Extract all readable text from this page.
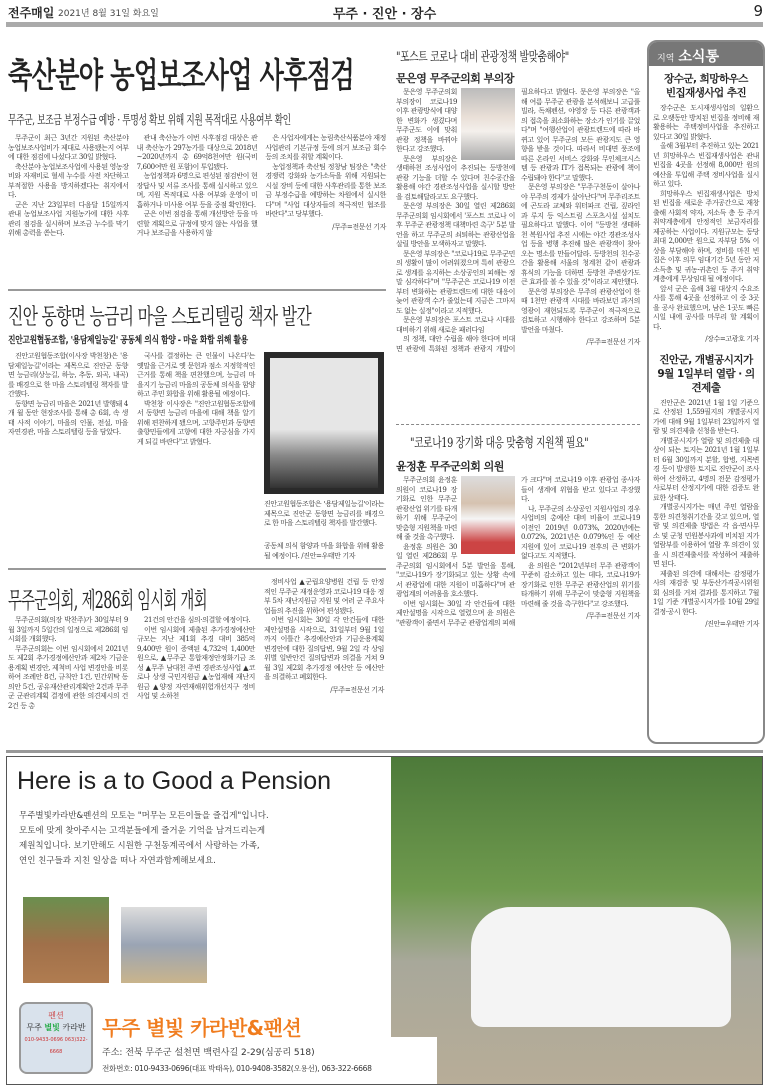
전주매일 2021년 8월 31일 화요일	무주 · 진안 · 장수	9
축산분야 농업보조사업 사후점검
무주군, 보조금 부정수급 예방 · 투명성 확보 위해 지원 목적대로 사용여부 확인

무주군이 최근 3년간 지원된 축산분야 농업보조사업비가 제대로 사용됐는지 여부에 대한 점검에 나섰다고 30일 밝혔다.

축산분야 농업보조사업에 사용된 영농장비와 자재비로 혈세 누수를 사전 차단하고 부적절한 사용을 방지하겠다는 취지에서다.

군은 지난 23일부터 다음달 15일까지 관내 농업보조사업 지원농가에 대한 사후관리 점검을 실시하며 보조금 누수를 막기 위해 총력을 쏟는다.

관내 축산농가 이번 사후점검 대상은 관내 축산농가 297농가를 대상으로 2018년~2020년까지 총 69억8천여만 원(국비 7,600여만 원 포함)이 투입됐다.

농업정책과 6명으로 편성된 점검반이 현장답사 및 서류 조사를 통해 실시하고 있으며, 지원 목적대로 사용 여부와 운영이 미흡하거나 미사용 여부 등을 중점 확인한다.

군은 이번 점검을 통해 개선방안 등을 마련할 계획으로 규정에 맞지 않는 사업을 했거나 보조금을 사용하지 않

은 사업자에게는 농림축산식품분야 재정사업관리 기본규정 등에 의거 보조금 회수 등의 조치를 취할 계획이다.

농업정책과 축산팀 정창남 팀장은 "축산 경쟁력 강화와 농가소득을 위해 지원되는 시설 장비 등에 대한 사후관리를 통한 보조금 부정수급을 예방하는 차원에서 실시한다"며 "사업 대상자들의 적극적인 협조를 바란다"고 당부했다.

/무주=전문선 기자
진안 동향면 능금리 마을 스토리텔링 책자 발간
진안고원협동조합, '용담제일능길' 공동체 의식 함양 - 마을 화합 위해 활용

진안고원협동조합(이사장 박천창)은 '용담제일능길'이라는 제목으로 진안군 동향면 능금리(상능길, 하능, 추동, 외곡, 내곡)를 배경으로 한 마을 스토리텔링 책자를 발간했다.

동향면 능금리 마을은 2021년 발행돼 4개 월 동안 현장조사를 통해 총 6회, 속 생태 사적 이야기, 마을의 인물, 전설, 마을 자연경관, 마을 스토리텔링 등을 담았다.

국사를 결정하는 큰 인물이 나온다'는 옛말을 근거로 옛 문헌과 점소 지정학적인 근거를 통해 책을 편찬했으며, 능금리 마을지기 능금리 마을의 공동체 의식을 함양하고 주민 화합을 위해 활용될 예정이다.

박천창 이사장은 "진안고원협동조합에서 동향면 능금리 마을에 대해 책을 알기 위해 편찬하게 됐으며, 고향주민과 동향면 출향민들에게 고향에 대한 자긍심을 가지게 되길 바란다"고 밝혔다.

진안고원협동조합은 '용담제일능길'이라는 제목으로 진안군 동향면 능금리를 배경으로 한 마을 스토리텔링 책자를 발간했다.
공동체 의식 함양과 마을 화합을 위해 활용될 예정이다. /진안=우태만 기자
무주군의회, 제286회 임시회 개회

무주군의회(의장 박찬주)가 30일부터 9월 3일까지 5일간의 일정으로 제286회 임시회를 개회했다.

무주군의회는 이번 임시회에서 2021년도 제2회 추가경정예산안과 제2차 기금운용계획 변경안, 제척비 사업 변경안을 비롯하여 조례안 8건, 규칙안 1건, 민간위탁 동의안 5건, 공유재산관리계획안 2건과 무주군 군관리계획 결정에 관한 의견제시의 건 2건 등 총

21건의 안건을 심의·의결할 예정이다.

이번 임시회에 제출된 추가경정예산안 규모는 지난 제1회 추경 대비 385억 9,400만 원이 증액된 4,732억 1,400만 원으로, ▲무주군 통합재정안정화기금 조성 ▲무주 남대천 주변 경관조성사업 ▲코로나 상생 국민지원금 ▲농업재해 재난지원금 ▲양정 자연재해위험개선지구 정비사업 및 소하천

정비사업 ▲군립요양병원 건립 등 안정적인 무주군 재정운영과 코로나19 대응 정부 5차 재난지원금 지원 및 여러 군 주요사업들의 추진을 위하여 편성됐다.

이번 임시회는 30일 각 안건들에 대한 제안설명을 시작으로, 31일부터 9월 1일까지 이틀간 추경예산안과 기금운용계획 변경안에 대한 질의답변, 9월 2일 각 상임위별 일반안건 질의답변과 의결을 거쳐 9월 3일 제2회 추가경정 예산안 등 예산안을 의결하고 폐회한다.

/무주=전문선 기자
"포스트 코로나 대비 관광정책 발맞춤해야"
문은영 무주군의회 부의장

문은영 무주군의회 부의장이 코로나19 이후 관광방식에 대양한 변화가 생겼다며 무주군도 이에 맞춰 관광 정책을 바꿔야 한다고 강조했다.

문은영 부의장은 생태하천 조성사업이 추진되는 등방천에 관광 기능을 더할 수 있다며 친수공간을 활용해 야간 경관조성사업을 실시할 방안을 검토해달라고도 요구했다.

문은영 부의장은 30일 열린 제286회 무주군의회 임시회에서 '포스트 코로나 이후 무주군 관광정책 대책마련 촉구' 5분 발언을 하고 무주군의 쇠퇴하는 관광산업을 살릴 방안을 모색하자고 말했다.

문은영 부의장은 "코로나19로 무주군민의 생활이 많이 어려워졌으며 특히 관광으로 생계를 유지하는 소상공인의 피해는 정말 심각하다"며 "무주군은 코로나19 이전부터 변화하는 관광트렌드에 대한 대응이 늦어 관광객 수가 줄었는데 지금은 그마저도 없는 실정"이라고 지적했다.

문은영 부의장은 포스트 코로나 시대를 대비하기 위해 새로운 패러다임

의 정책, 대안 수립을 해야 한다며 비대면 관광에 특화된 정책과 관광지 개발이 필요하다고 밝혔다. 문은영 부의장은 "올해 여름 무주군 관광을 분석해보니 고급풀빌라, 독채펜션, 야영장 등 다른 관광객과의 접촉을 최소화하는 장소가 인기를 끌었다"며 "여행산업이 관광트렌드에 따라 바뀌고 있어 무주군의 모든 관광지도 큰 영향을 받을 것이다. 따라서 비대면 풍조에 따른 온라인 서비스 강화와 무인체크시스템 등 관광과 IT가 접목되는 관광에 책이 수립돼야 한다"고 말했다.

문은영 부의장은 "무주구천동이 살아나야 무주의 경제가 살아난다"며 무주리조트에 곤도라 교체와 워터파크 건립, 짚라인과 루지 등 익스트림 스포츠시설 설치도 필요하다고 말했다. 이어 "등방천 생태하천 복원사업 추진 시에는 야간 경관조성사업 등을 병행 추진해 많은 관광객이 찾아오는 명소를 만들어달라. 등방천의 친수공간을 활용해 서울의 청계천 같이 관광과 휴식의 기능을 더하면 등방천 주변상가도 큰 효과를 볼 수 있을 것"이라고 제안했다.

문은영 부의장은 무주의 관광산업이 한 때 1천만 관광객 시대를 바라보던 과거의 영광이 재현되도록 무주군이 적극적으로 검토하고 시행해야 한다고 강조하며 5분 발언을 마쳤다.

/무주=전문선 기자
"코로나19 장기화 대응 맞춤형 지원책 필요"
윤정훈 무주군의회 의원

무주군의회 윤정훈 의원이 코로나19 장기화로 인한 무주군 관광산업 위기를 타개하기 위해 무주군이 맞춤형 지원책을 마련해 줄 것을 촉구했다.

윤정훈 의원은 30일 열린 제286회 무주군의회 임시회에서 5분 발언을 통해, "코로나19가 장기화되고 있는 상황 속에서 관광업에 대한 지원이 미흡하다"며 관광업계의 어려움을 호소했다.

이번 임시회는 30일 각 안건들에 대한 제안설명을 시작으로 열렸으며 윤 의원은 "관광객이 줄면서 무주군 관광업계의 피해가 크다"며 코로나19 이후 관광업 종사자들이 생계에 위협을 받고 있다고 주장했다.

나, 무주군의 소상공인 지원사업의 경우 사업비의 총예산 대비 비율이 코로나19 이전인 2019년 0.073%, 2020년에는 0.072%, 2021년은 0.079%인 등 예산 지원에 있어 코로나19 전후의 큰 변화가 없다고도 지적했다.

윤 의원은 "2012년부터 무주 관광객이 꾸준히 감소하고 있는 데다, 코로나19가 장기화로 인한 무주군 관광산업의 위기를 타개하기 위해 무주군이 맞춤형 지원책을 마련해 줄 것을 촉구한다"고 강조했다.

/무주=전문선 기자
지역 소식통
장수군, 희망하우스
빈집재생사업 추진

장수군은 도시재생사업의 일환으로 오랫동안 방치된 빈집을 정비해 재활용하는 주택정비사업을 추진하고 있다고 30일 밝혔다.

올해 3월부터 추진하고 있는 2021년 희망하우스 빈집재생사업은 관내 빈집을 4곳을 선정해 8,000만 원의 예산을 투입해 주택 정비사업을 실시하고 있다.

희망하우스 빈집재생사업은 방치된 빈집을 새로운 주거공간으로 재창출해 사회적 약자, 저소득 층 등 주거 취약계층에게 안정적인 보금자리를 제공하는 사업이다. 지원규모는 동당 최대 2,000만 원으로 자부담 5% 이상을 부담해야 하며, 정비를 마친 빈집은 이후 의무 임대기간 5년 동안 저소득층 및 귀농·귀촌인 등 주거 취약계층에게 무상임대 될 예정이다.

앞서 군은 올해 3월 대상지 수요조사를 통해 4곳을 선정하고 이 중 3곳을 공사 완료했으며, 남은 1곳도 빠른 시일 내에 공사를 마무리 할 계획이다.

/장수=고광호 기자
진안군, 개별공시지가
9월 1일부터 열람 · 의견제출

진안군은 2021년 1월 1일 기준으로 산정된 1,559필지의 개별공시지가에 대해 9월 1일부터 23일까지 열람 및 의견제출 신청을 받는다.

개별공시지가 열람 및 의견제출 대상이 되는 토지는 2021년 1월 1일부터 6월 30일까지 분할, 합병, 지목변경 등이 발생한 토지로 진안군이 조사하여 산정하고, 4명의 전문 감정평가사로부터 산정지가에 대한 검증도 완료한 상태다.

개별공시지가는 매년 주민 열람을 통한 의견청취기간을 갖고 있으며, 열람 및 의견제출 방법은 각 읍·면사무소 및 군청 민원봉사과에 비치된 지가열람부를 이용하여 열람 후 의견이 있을 시 의견제출서를 작성하여 제출하면 된다.

제출된 의견에 대해서는 감정평가사의 재검증 및 부동산가격공시위원회 심의를 거쳐 결과를 통지하고 7월 1일 기준 개별공시지가를 10월 29일 결정·공시 한다.

/진안=우태만 기자
Here is a to Good a Pension
무주별빛카라반&펜션의 모토는 "머무는 모든이들을 즐겁게"입니다.
모토에 맞게 찾아주시는 고객분들에게 즐거운 기억을 남겨드리는게
제원칙입니다. 보기만해도 시원한 구천동계곡에서 사랑하는 가족,
연인 친구들과 지친 일상을 떠나 자연과함께해보세요.
펜션
무주 별빛 카라반
010-9433-0696 063)322-6668
무주 별빛 카라반&팬션
주소: 전북 무주군 설천면 백련사길 2-29(심공리 518)
전화번호: 010-9433-0696(대표 박태옥), 010-9408-3582(오용선), 063-322-6668
